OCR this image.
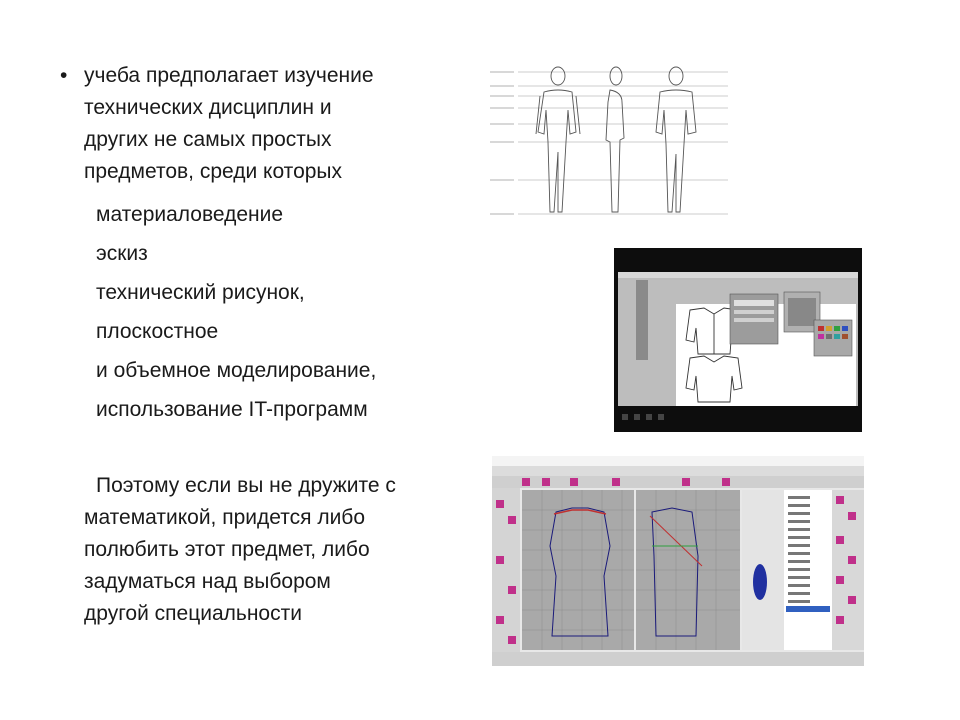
• учеба предполагает изучение
технических дисциплин и
других не самых простых
предметов, среди которых
материаловедение
эскиз
технический рисунок,
плоскостное
и объемное моделирование,
использование IT-программ
Поэтому если вы не дружите с
математикой, придется либо
полюбить этот предмет, либо
задуматься над выбором
другой специальности
